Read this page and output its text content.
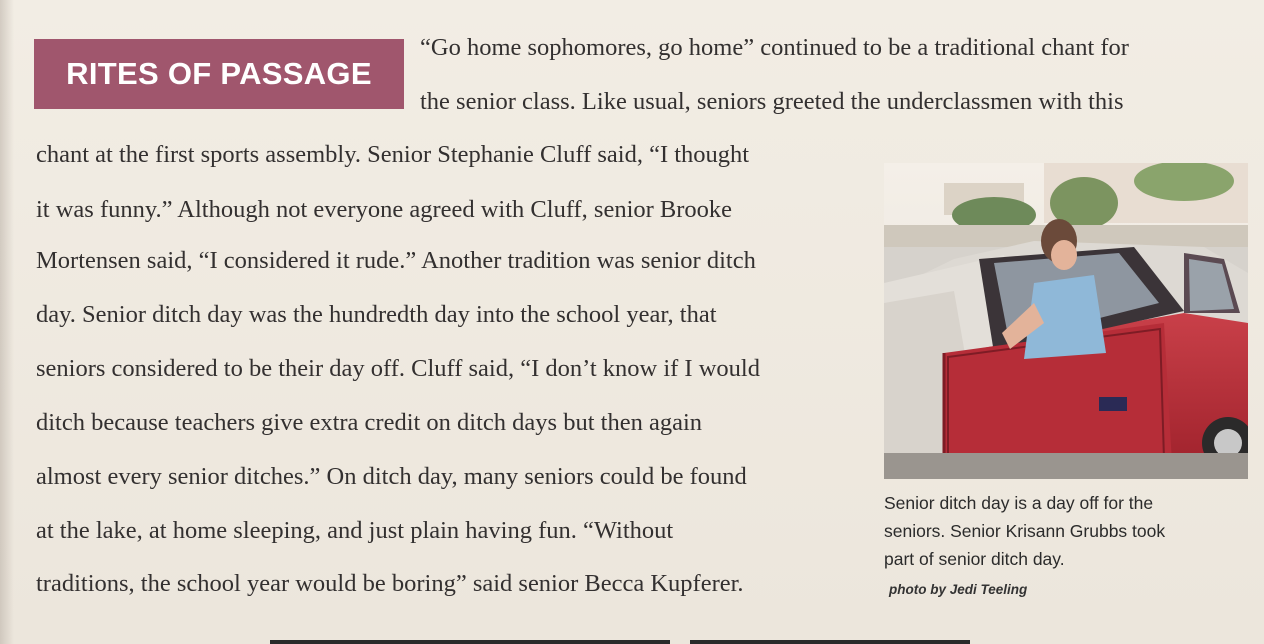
RITES OF PASSAGE
“Go home sophomores, go home” continued to be a traditional chant for
the senior class. Like usual, seniors greeted the underclassmen with this
chant at the first sports assembly. Senior Stephanie Cluff said, “I thought
it was funny.” Although not everyone agreed with Cluff, senior Brooke
Mortensen said, “I considered it rude.” Another tradition was senior ditch
day. Senior ditch day was the hundredth day into the school year, that
seniors considered to be their day off. Cluff said, “I don’t know if I would
ditch because teachers give extra credit on ditch days but then again
almost every senior ditches.” On ditch day, many seniors could be found
at the lake, at home sleeping, and just plain having fun. “Without
traditions, the school year would be boring” said senior Becca Kupferer.
Senior ditch day is a day off for the
seniors. Senior Krisann Grubbs took
part of senior ditch day.
photo by Jedi Teeling
